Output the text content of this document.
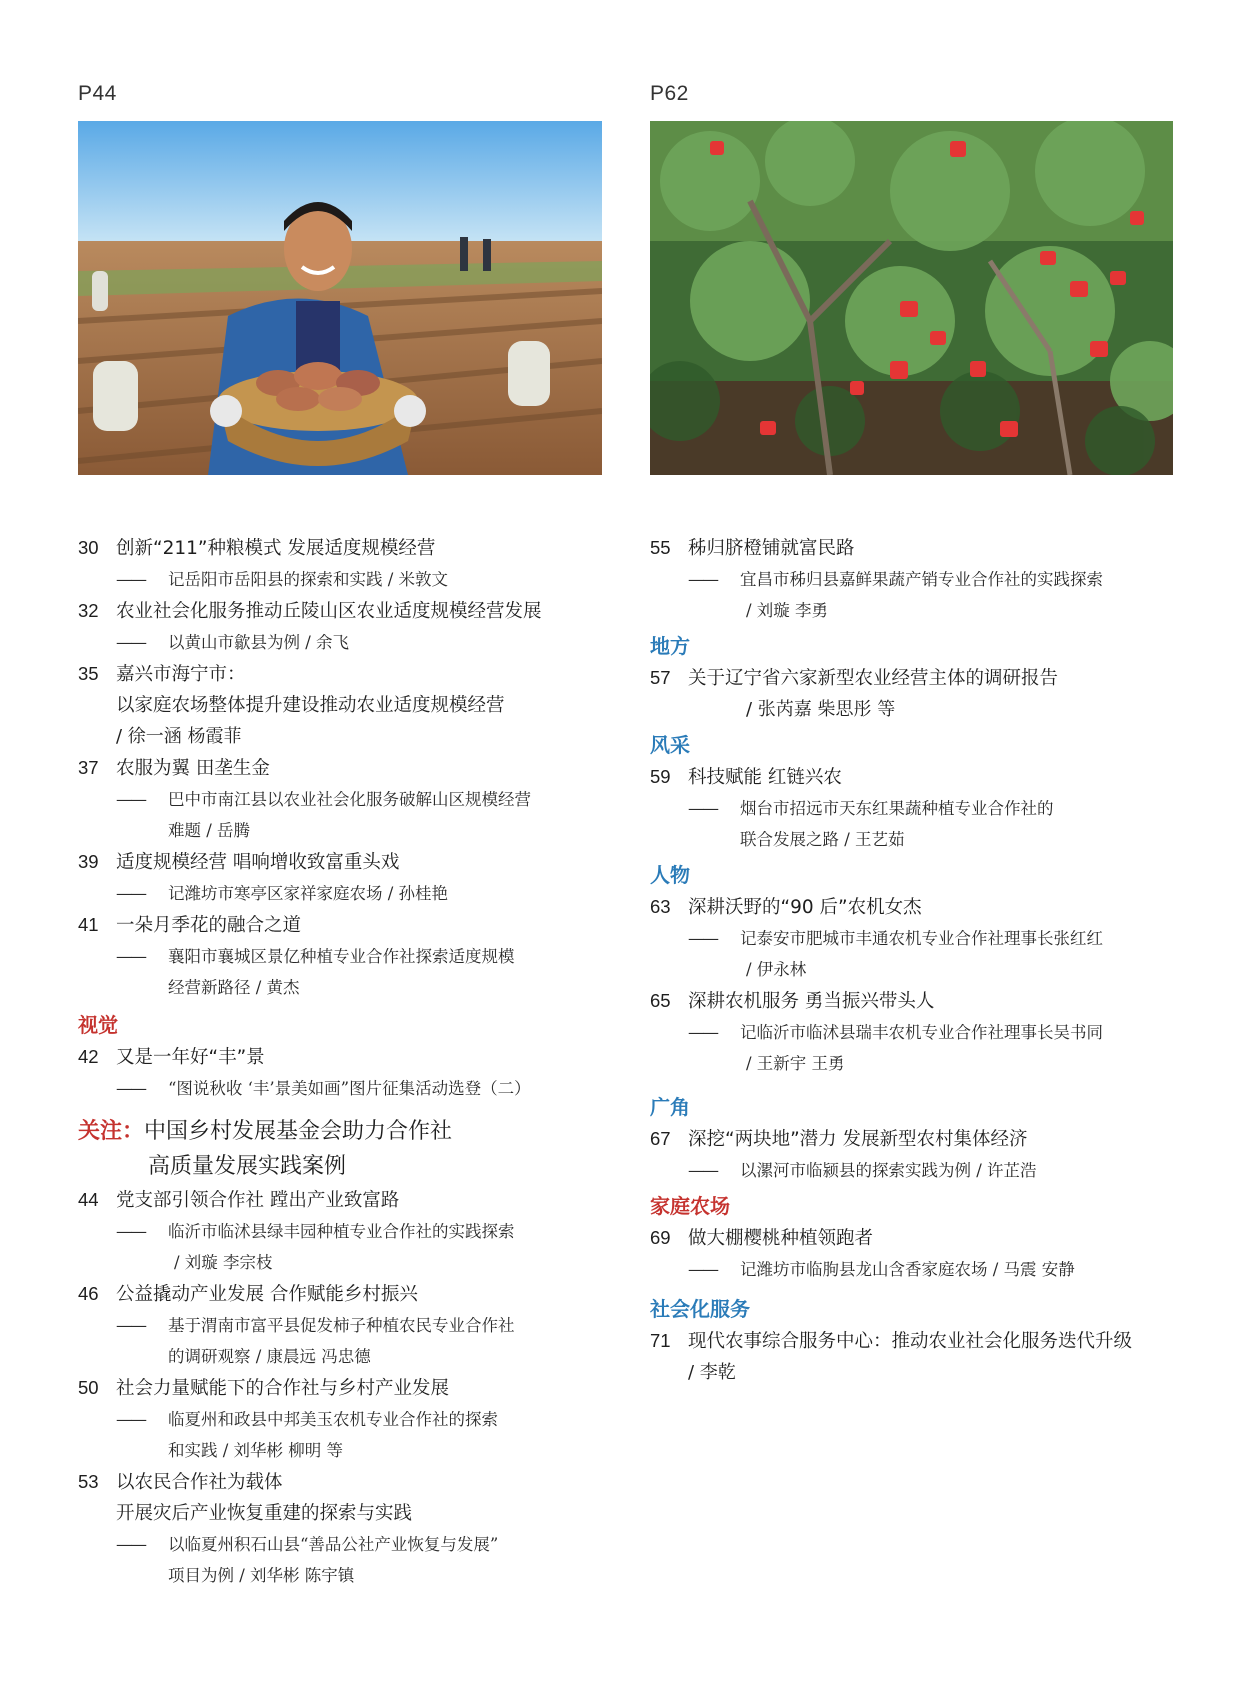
P44	P62
30 创新“211”种粮模式 发展适度规模经营
——	记岳阳市岳阳县的探索和实践 / 米敦文
32 农业社会化服务推动丘陵山区农业适度规模经营发展
——	以黄山市歙县为例 / 余飞
35 嘉兴市海宁市：
以家庭农场整体提升建设推动农业适度规模经营
/ 徐一涵 杨霞菲
37 农服为翼 田垄生金
——	巴中市南江县以农业社会化服务破解山区规模经营
难题 / 岳腾
39 适度规模经营 唱响增收致富重头戏
——	记潍坊市寒亭区家祥家庭农场 / 孙桂艳
41 一朵月季花的融合之道
——	襄阳市襄城区景亿种植专业合作社探索适度规模
经营新路径 / 黄杰
视觉
42 又是一年好“丰”景
——	“图说秋收 ‘丰’景美如画”图片征集活动选登（二）
关注：中国乡村发展基金会助力合作社
高质量发展实践案例
44 党支部引领合作社 蹚出产业致富路
——	临沂市临沭县绿丰园种植专业合作社的实践探索
/ 刘璇 李宗枝
46 公益撬动产业发展 合作赋能乡村振兴
——	基于渭南市富平县促发柿子种植农民专业合作社
的调研观察 / 康晨远 冯忠德
50 社会力量赋能下的合作社与乡村产业发展
——	临夏州和政县中邦美玉农机专业合作社的探索
和实践 / 刘华彬 柳明 等
53 以农民合作社为载体
开展灾后产业恢复重建的探索与实践
——	以临夏州积石山县“善品公社产业恢复与发展”
项目为例 / 刘华彬 陈宇镇
55 秭归脐橙铺就富民路
——	宜昌市秭归县嘉鲜果蔬产销专业合作社的实践探索
/ 刘璇 李勇
地方
57 关于辽宁省六家新型农业经营主体的调研报告
/ 张芮嘉 柴思彤 等
风采
59 科技赋能 红链兴农
——	烟台市招远市天东红果蔬种植专业合作社的
联合发展之路 / 王艺茹
人物
63 深耕沃野的“90 后”农机女杰
——	记泰安市肥城市丰通农机专业合作社理事长张红红
/ 伊永林
65 深耕农机服务 勇当振兴带头人
——	记临沂市临沭县瑞丰农机专业合作社理事长吴书同
/ 王新宇 王勇
广角
67 深挖“两块地”潜力 发展新型农村集体经济
——	以漯河市临颍县的探索实践为例 / 许芷浩
家庭农场
69 做大棚樱桃种植领跑者
——	记潍坊市临朐县龙山含香家庭农场 / 马震 安静
社会化服务
71 现代农事综合服务中心：推动农业社会化服务迭代升级
/ 李乾
